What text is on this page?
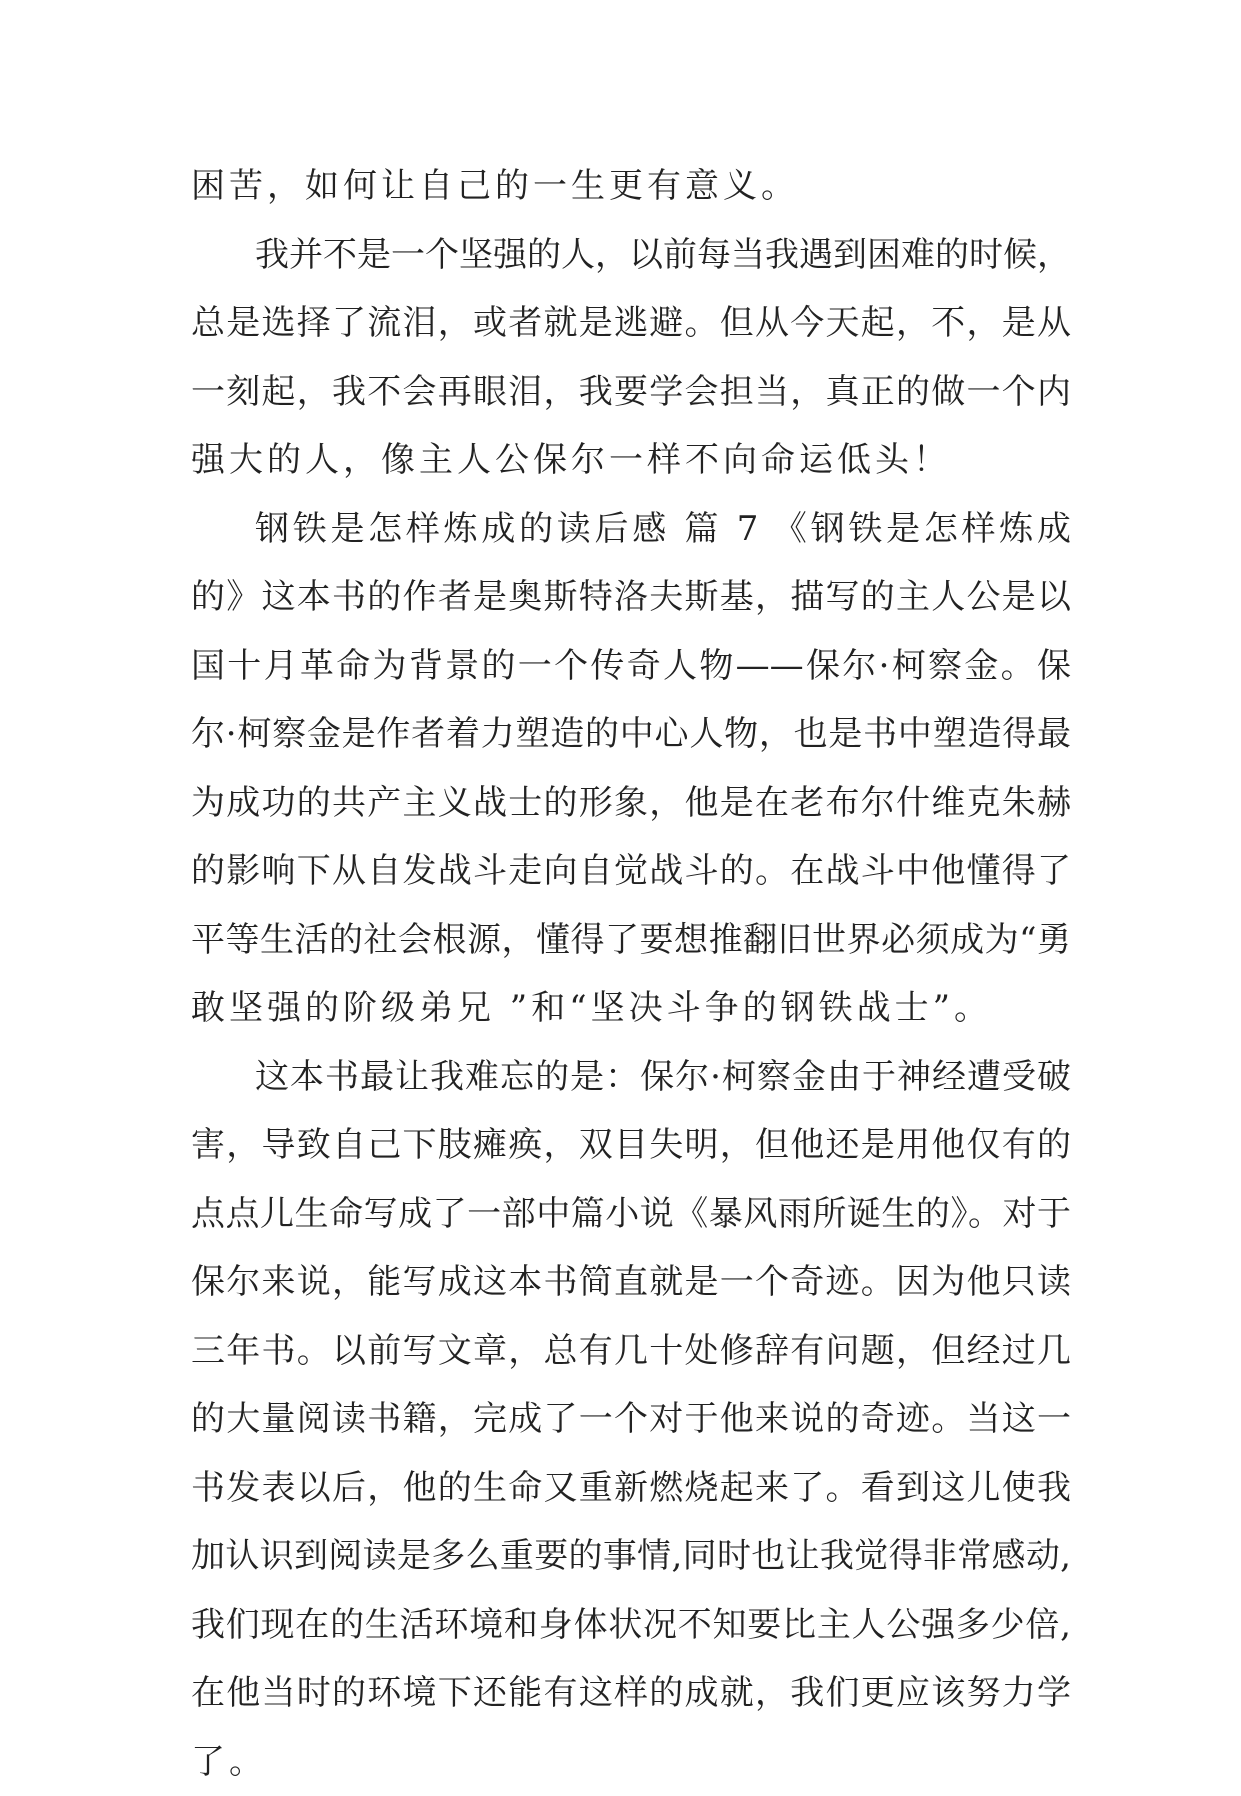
困苦，如何让自己的一生更有意义。
我并不是一个坚强的人，以前每当我遇到困难的时候，
总是选择了流泪，或者就是逃避。但从今天起，不，是从
一刻起，我不会再眼泪，我要学会担当，真正的做一个内
强大的人，像主人公保尔一样不向命运低头！
钢铁是怎样炼成的读后感 篇 7 《钢铁是怎样炼成
的》这本书的作者是奥斯特洛夫斯基，描写的主人公是以
国十月革命为背景的一个传奇人物——保尔·柯察金。保
尔·柯察金是作者着力塑造的中心人物，也是书中塑造得最
为成功的共产主义战士的形象，他是在老布尔什维克朱赫
的影响下从自发战斗走向自觉战斗的。在战斗中他懂得了
平等生活的社会根源，懂得了要想推翻旧世界必须成为“勇
敢坚强的阶级弟兄 ”和“坚决斗争的钢铁战士”。
这本书最让我难忘的是：保尔·柯察金由于神经遭受破
害，导致自己下肢瘫痪，双目失明，但他还是用他仅有的
点点儿生命写成了一部中篇小说《暴风雨所诞生的》。对于
保尔来说，能写成这本书简直就是一个奇迹。因为他只读
三年书。以前写文章，总有几十处修辞有问题，但经过几
的大量阅读书籍，完成了一个对于他来说的奇迹。当这一
书发表以后，他的生命又重新燃烧起来了。看到这儿使我
加认识到阅读是多么重要的事情,同时也让我觉得非常感动,
我们现在的生活环境和身体状况不知要比主人公强多少倍,
在他当时的环境下还能有这样的成就，我们更应该努力学
了。
